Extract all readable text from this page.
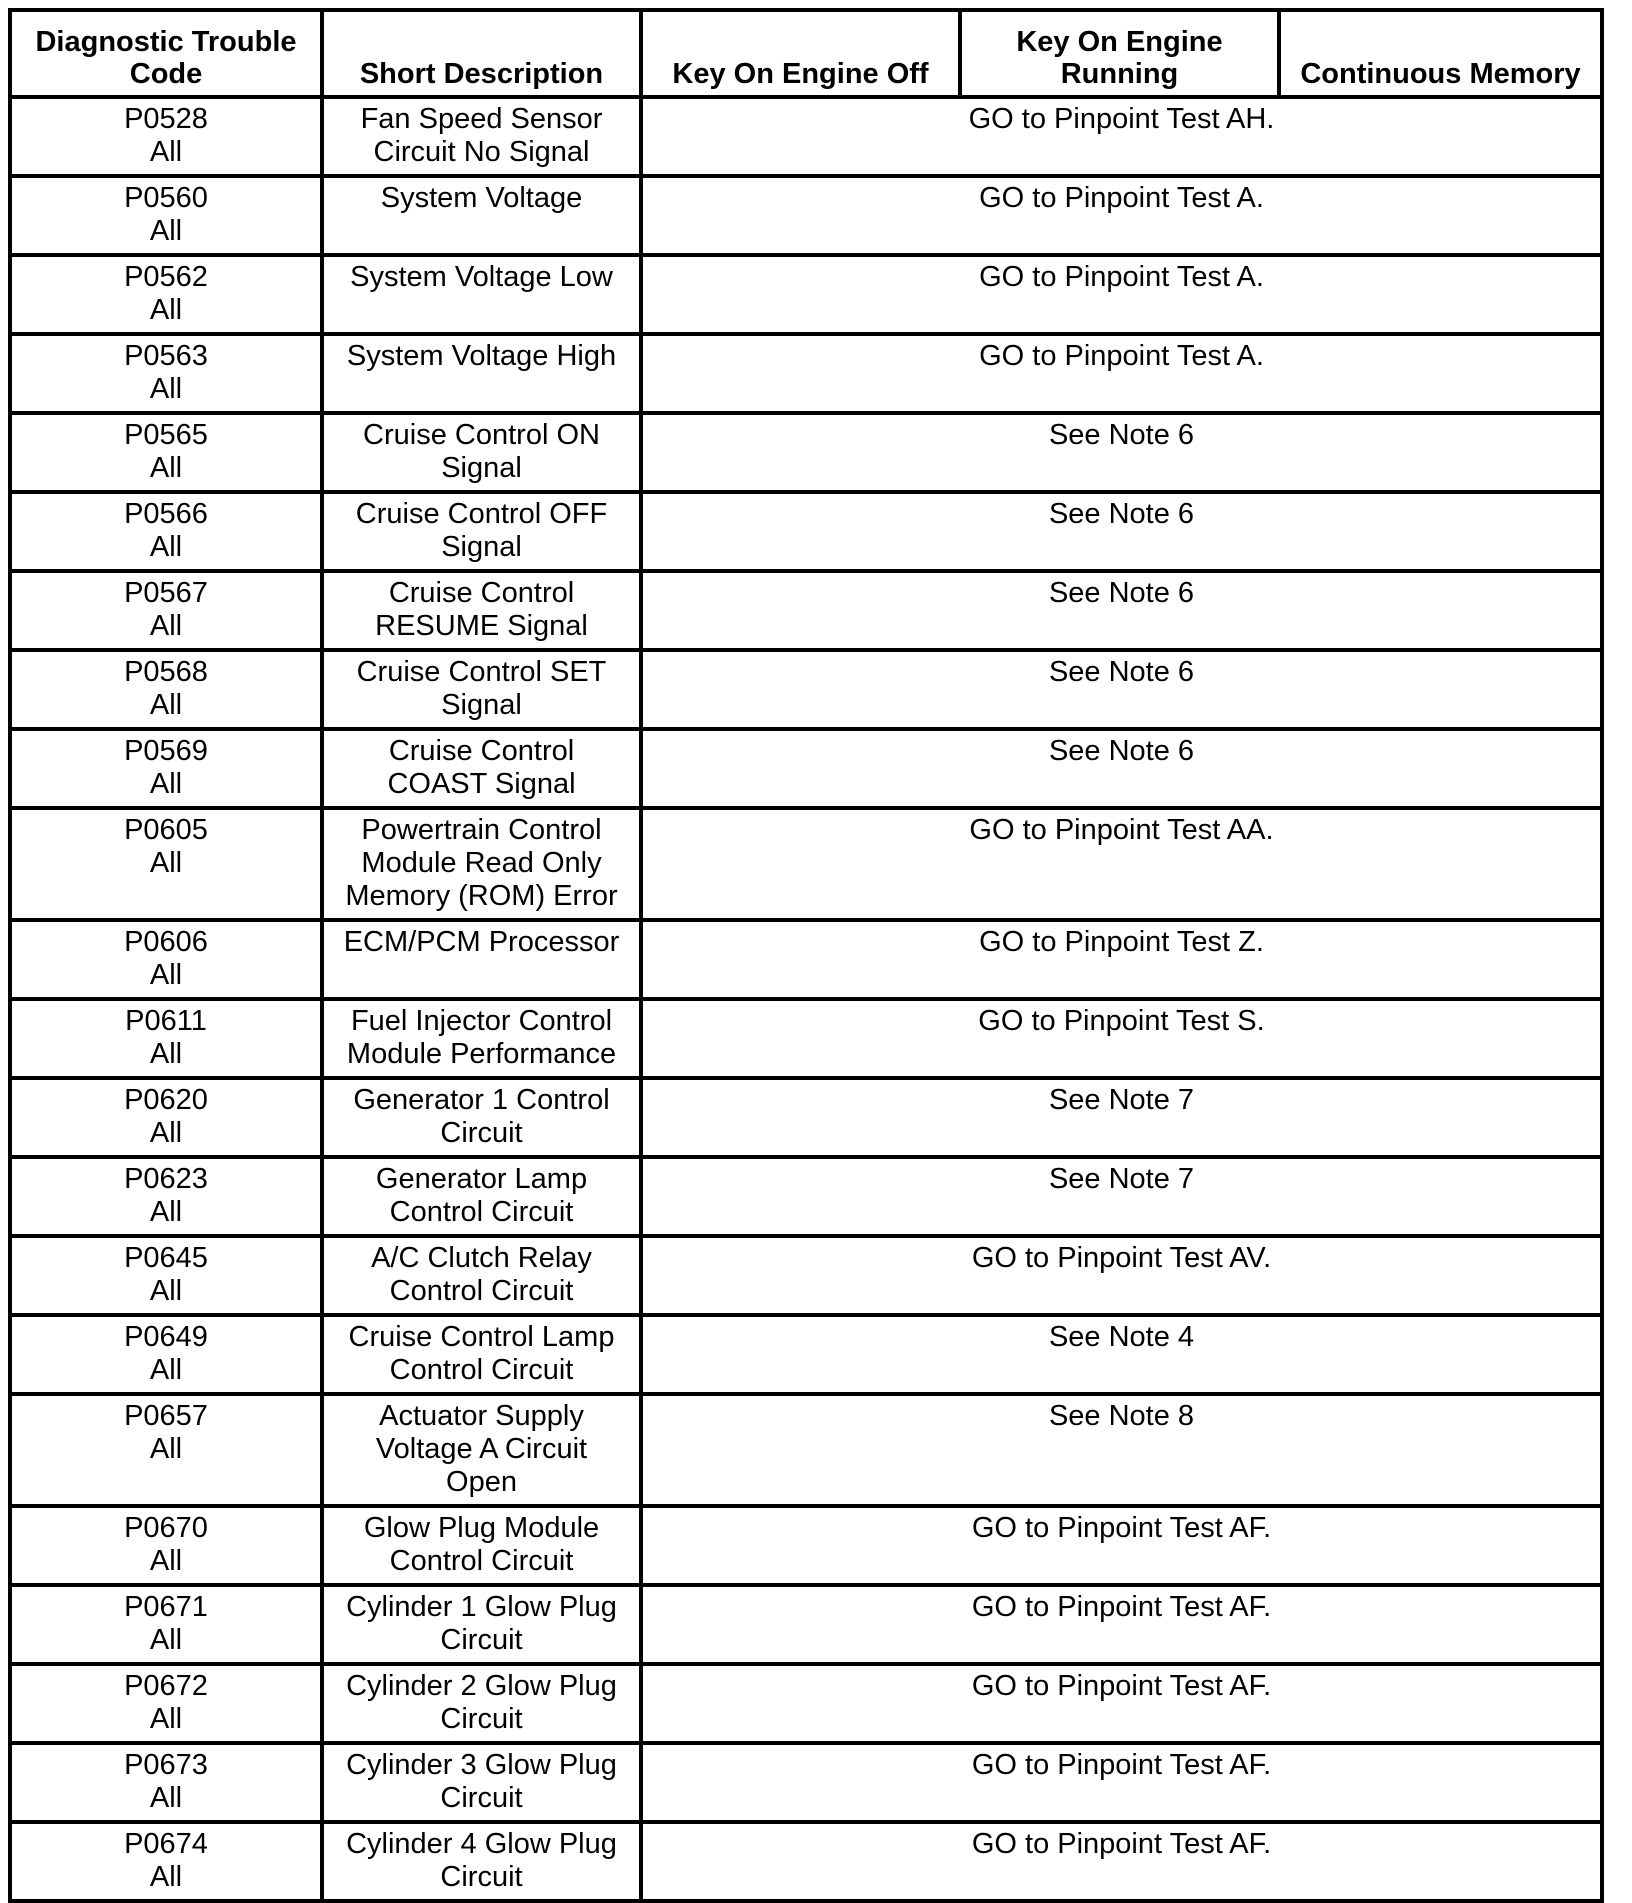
Diagnostic Trouble
Code	Short Description	Key On Engine Off	Key On Engine
Running	Continuous Memory

P0528
All	Fan Speed Sensor
Circuit No Signal	GO to Pinpoint Test AH.		

P0560
All	System Voltage	GO to Pinpoint Test A.		

P0562
All	System Voltage Low	GO to Pinpoint Test A.		

P0563
All	System Voltage High	GO to Pinpoint Test A.		

P0565
All	Cruise Control ON
Signal	See Note 6		

P0566
All	Cruise Control OFF
Signal	See Note 6		

P0567
All	Cruise Control
RESUME Signal	See Note 6		

P0568
All	Cruise Control SET
Signal	See Note 6		

P0569
All	Cruise Control
COAST Signal	See Note 6		

P0605
All	Powertrain Control
Module Read Only
Memory (ROM) Error	GO to Pinpoint Test AA.		

P0606
All	ECM/PCM Processor	GO to Pinpoint Test Z.		

P0611
All	Fuel Injector Control
Module Performance	GO to Pinpoint Test S.		

P0620
All	Generator 1 Control
Circuit	See Note 7		

P0623
All	Generator Lamp
Control Circuit	See Note 7		

P0645
All	A/C Clutch Relay
Control Circuit	GO to Pinpoint Test AV.		

P0649
All	Cruise Control Lamp
Control Circuit	See Note 4		

P0657
All	Actuator Supply
Voltage A Circuit
Open	See Note 8		

P0670
All	Glow Plug Module
Control Circuit	GO to Pinpoint Test AF.		

P0671
All	Cylinder 1 Glow Plug
Circuit	GO to Pinpoint Test AF.		

P0672
All	Cylinder 2 Glow Plug
Circuit	GO to Pinpoint Test AF.		

P0673
All	Cylinder 3 Glow Plug
Circuit	GO to Pinpoint Test AF.		

P0674
All	Cylinder 4 Glow Plug
Circuit	GO to Pinpoint Test AF.		
